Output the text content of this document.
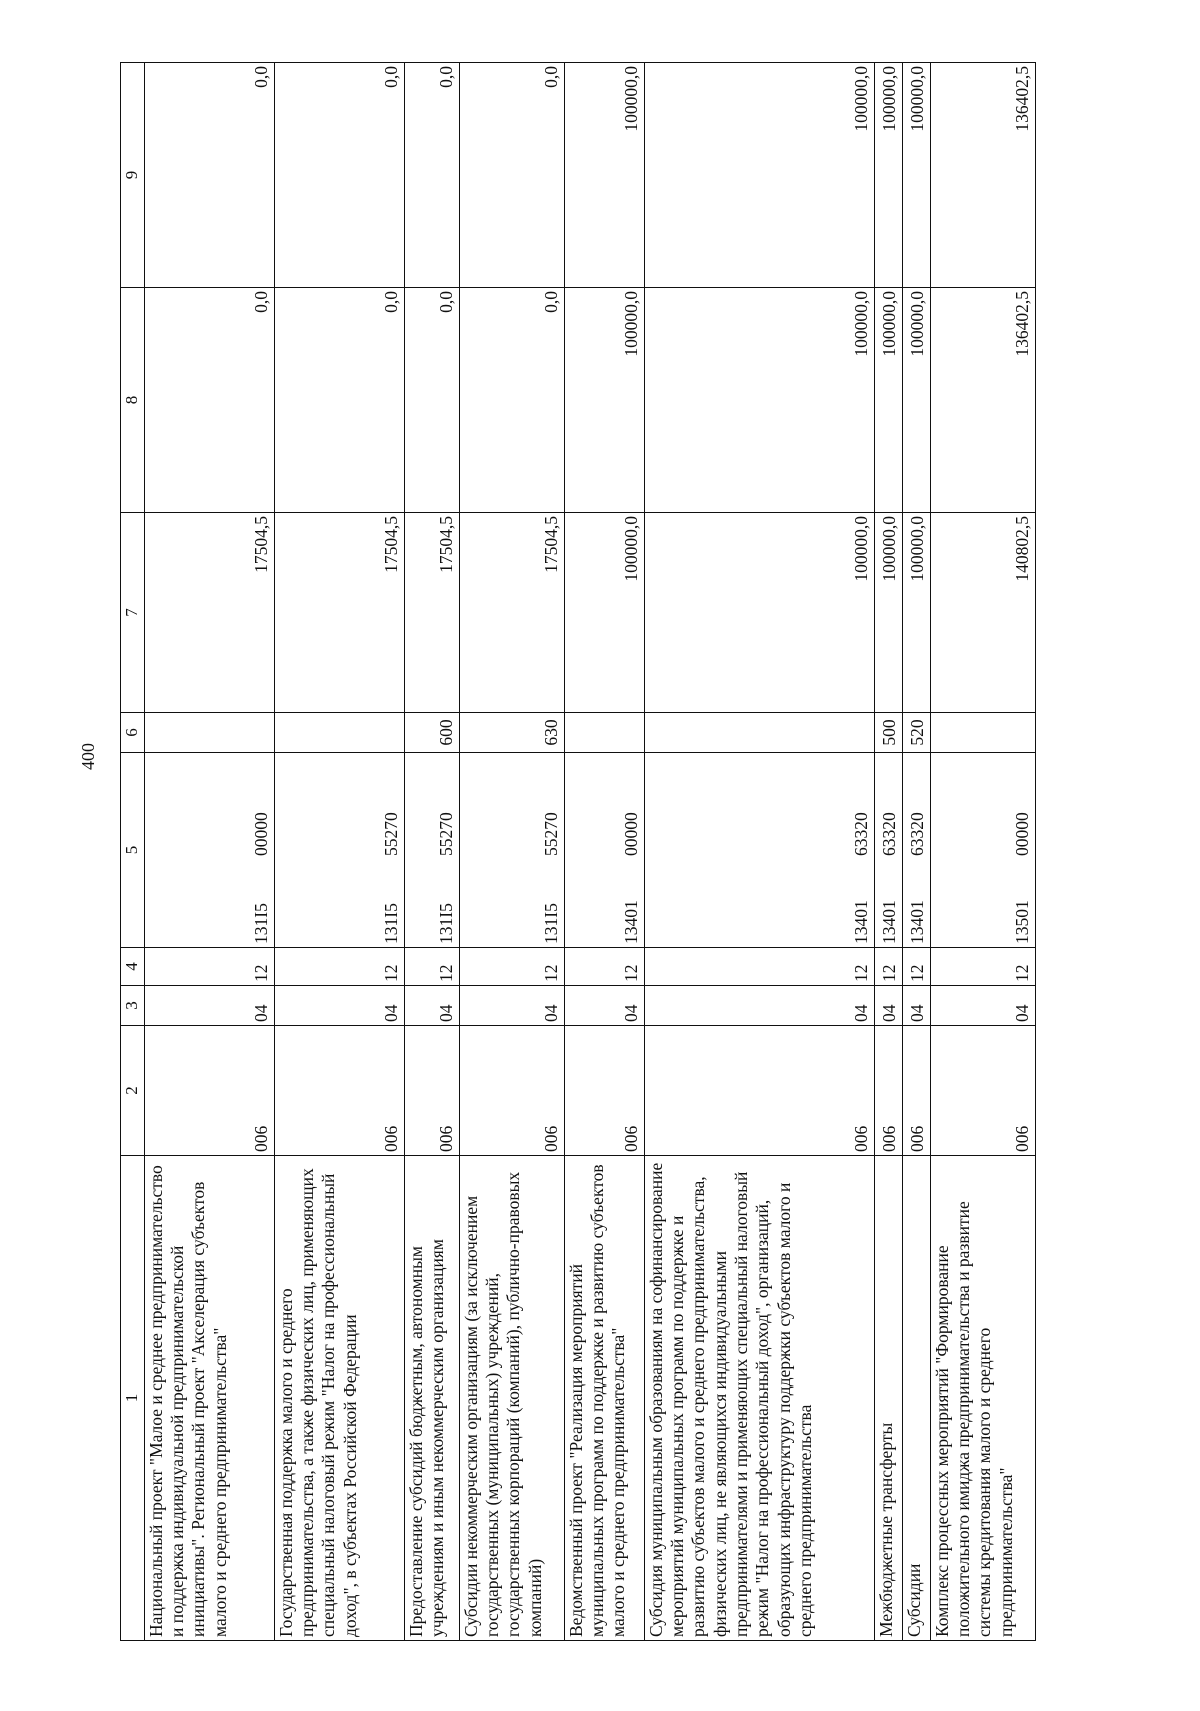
400
1	2	3	4	5	6	7	8	9
Национальный проект "Малое и среднее предпринимательство и поддержка индивидуальной предпринимательской инициативы". Региональный проект "Акселерация субъектов малого и среднего предпринимательства"	006	04	12	131I500000		17504,5	0,0	0,0
Государственная поддержка малого и среднего предпринимательства, а также физических лиц, применяющих специальный налоговый режим "Налог на профессиональный доход", в субъектах Российской Федерации	006	04	12	131I555270		17504,5	0,0	0,0
Предоставление субсидий бюджетным, автономным учреждениям и иным некоммерческим организациям	006	04	12	131I555270	600	17504,5	0,0	0,0
Субсидии некоммерческим организациям (за исключением государственных (муниципальных) учреждений, государственных корпораций (компаний), публично-правовых компаний)	006	04	12	131I555270	630	17504,5	0,0	0,0
Ведомственный проект "Реализация мероприятий муниципальных программ по поддержке и развитию субъектов малого и среднего предпринимательства"	006	04	12	1340100000		100000,0	100000,0	100000,0
Субсидия муниципальным образованиям на софинансирование мероприятий муниципальных программ по поддержке и развитию субъектов малого и среднего предпринимательства, физических лиц, не являющихся индивидуальными предпринимателями и применяющих специальный налоговый режим "Налог на профессиональный доход", организаций, образующих инфраструктуру поддержки субъектов малого и среднего предпринимательства	006	04	12	1340163320		100000,0	100000,0	100000,0
Межбюджетные трансферты	006	04	12	1340163320	500	100000,0	100000,0	100000,0
Субсидии	006	04	12	1340163320	520	100000,0	100000,0	100000,0
Комплекс процессных мероприятий "Формирование положительного имиджа предпринимательства и развитие системы кредитования малого и среднего предпринимательства"	006	04	12	1350100000		140802,5	136402,5	136402,5
